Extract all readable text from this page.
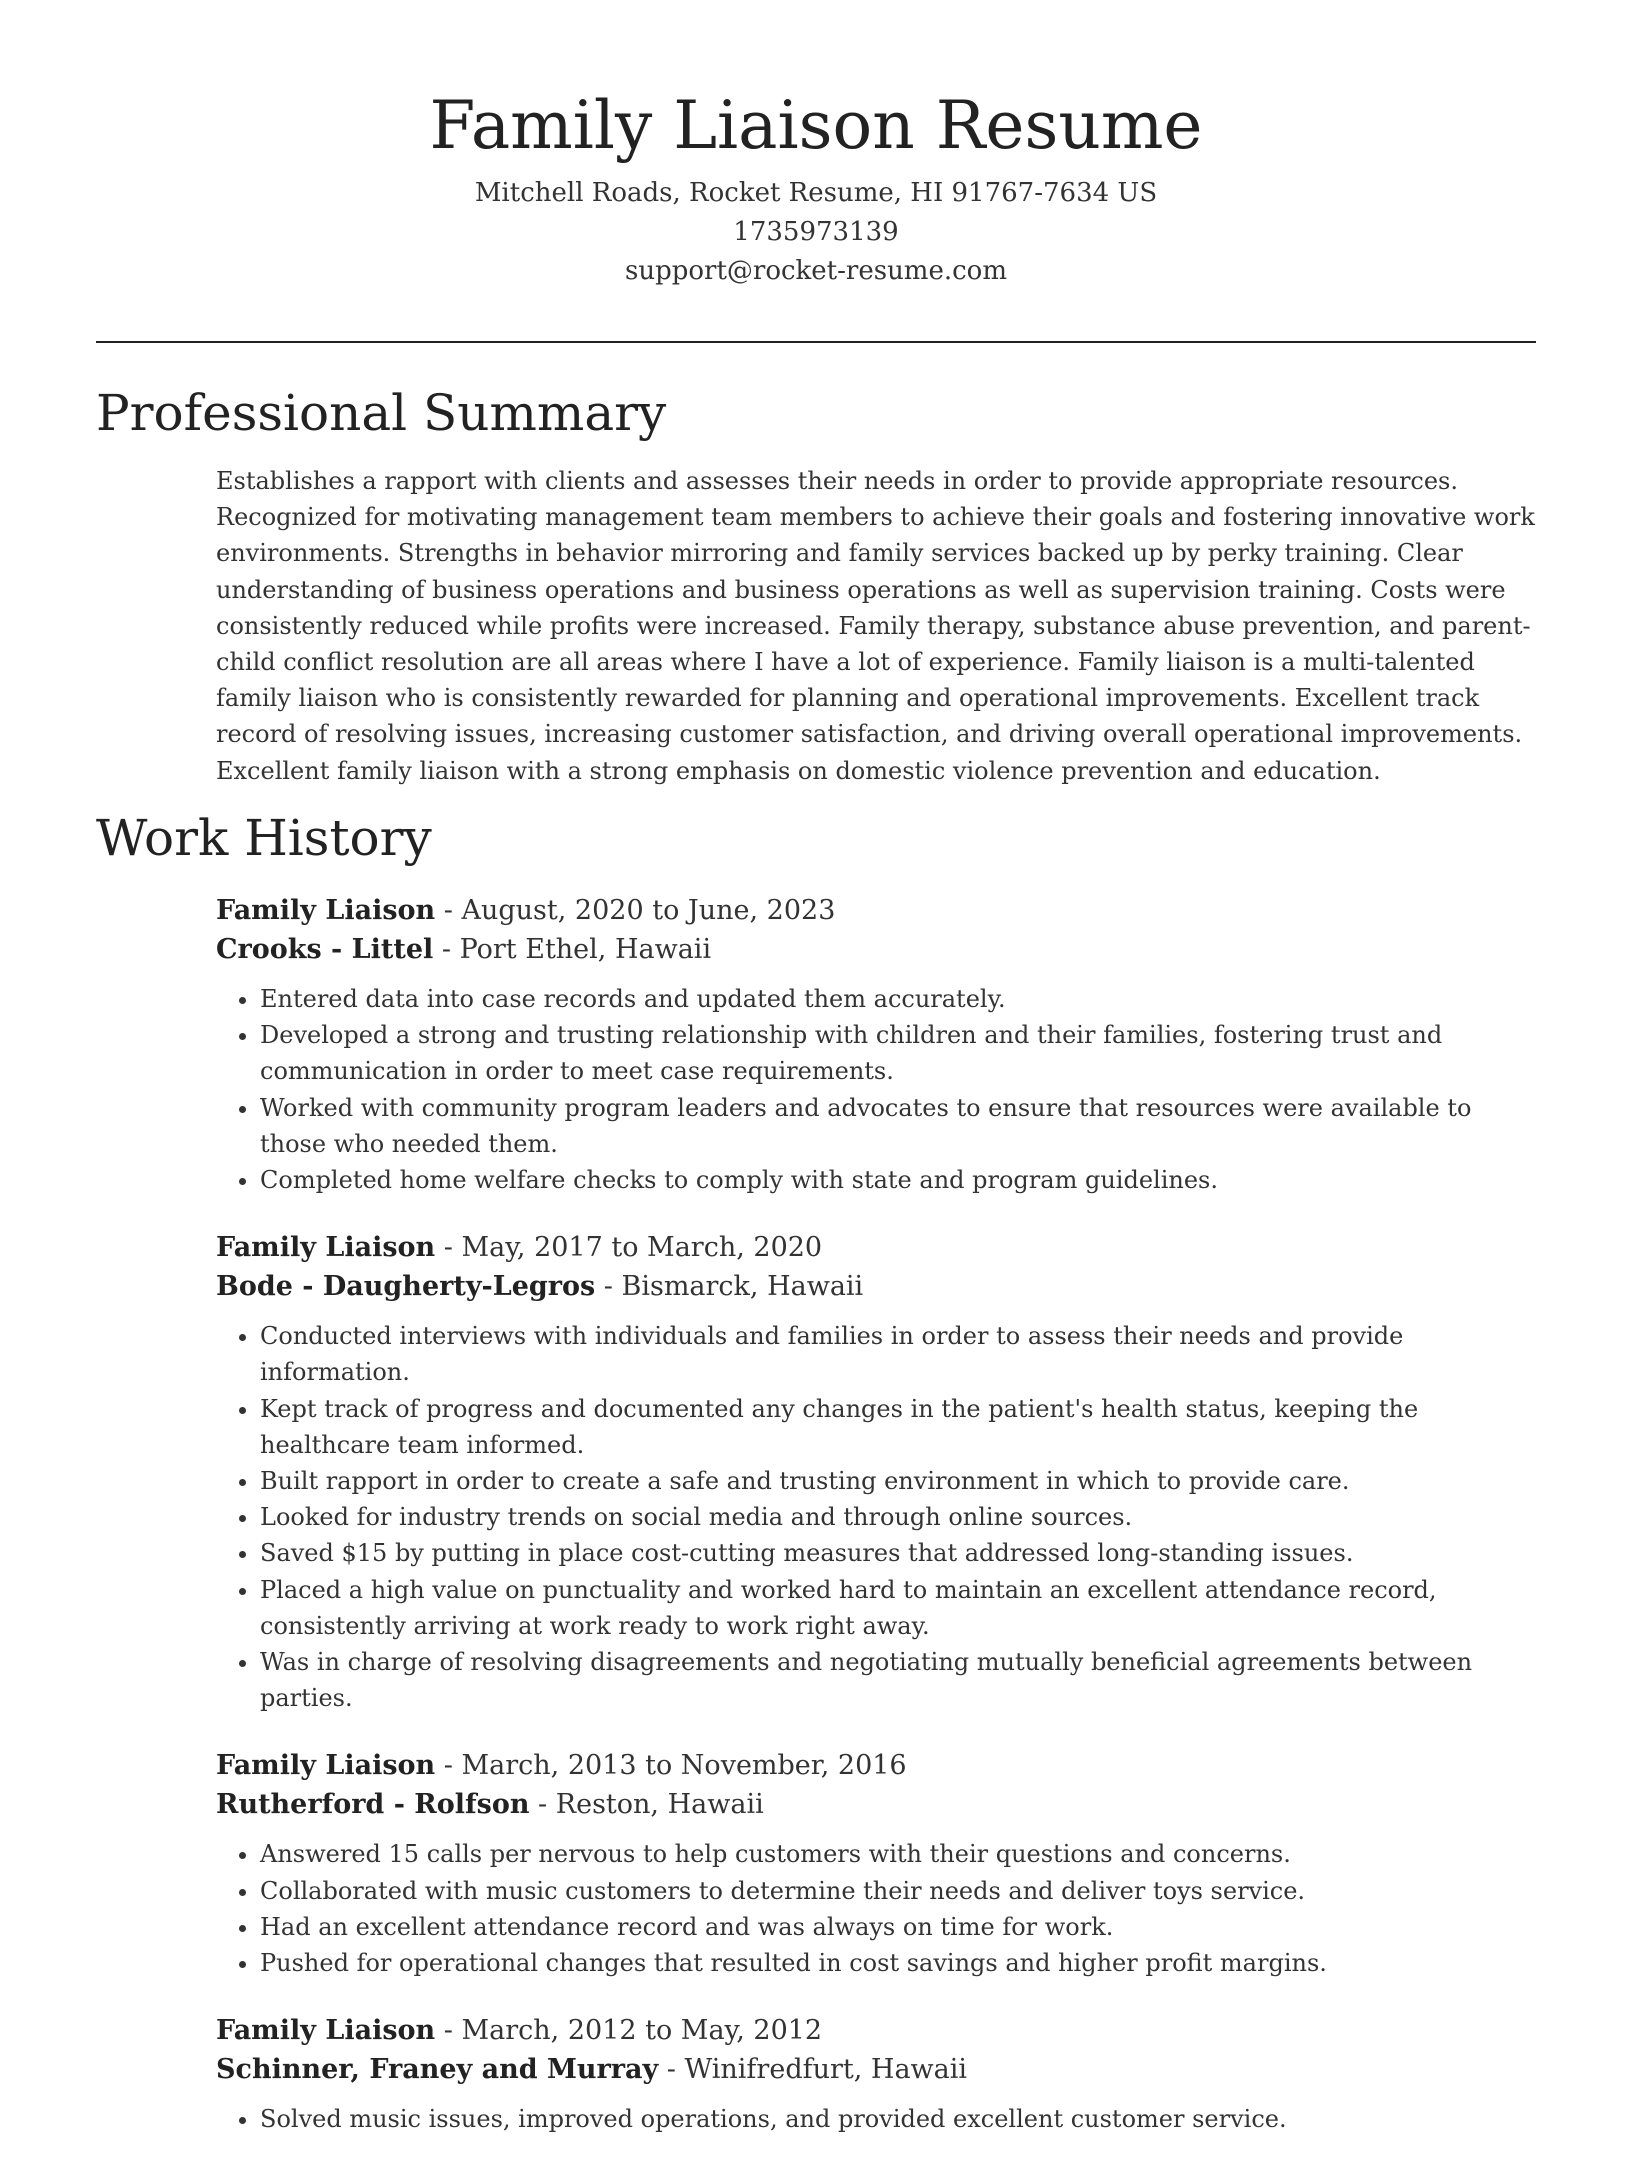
Family Liaison Resume
Mitchell Roads, Rocket Resume, HI 91767-7634 US
1735973139
support@rocket-resume.com
Professional Summary

Establishes a rapport with clients and assesses their needs in order to provide appropriate resources. Recognized for motivating management team members to achieve their goals and fostering innovative work environments. Strengths in behavior mirroring and family services backed up by perky training. Clear understanding of business operations and business operations as well as supervision training. Costs were consistently reduced while profits were increased. Family therapy, substance abuse prevention, and parent-child conflict resolution are all areas where I have a lot of experience. Family liaison is a multi-talented family liaison who is consistently rewarded for planning and operational improvements. Excellent track record of resolving issues, increasing customer satisfaction, and driving overall operational improvements. Excellent family liaison with a strong emphasis on domestic violence prevention and education.

Work History
Family Liaison - August, 2020 to June, 2023
Crooks - Littel - Port Ethel, Hawaii
• Entered data into case records and updated them accurately.
• Developed a strong and trusting relationship with children and their families, fostering trust and communication in order to meet case requirements.
• Worked with community program leaders and advocates to ensure that resources were available to those who needed them.
• Completed home welfare checks to comply with state and program guidelines.
Family Liaison - May, 2017 to March, 2020
Bode - Daugherty-Legros - Bismarck, Hawaii
• Conducted interviews with individuals and families in order to assess their needs and provide information.
• Kept track of progress and documented any changes in the patient's health status, keeping the healthcare team informed.
• Built rapport in order to create a safe and trusting environment in which to provide care.
• Looked for industry trends on social media and through online sources.
• Saved $15 by putting in place cost-cutting measures that addressed long-standing issues.
• Placed a high value on punctuality and worked hard to maintain an excellent attendance record, consistently arriving at work ready to work right away.
• Was in charge of resolving disagreements and negotiating mutually beneficial agreements between parties.
Family Liaison - March, 2013 to November, 2016
Rutherford - Rolfson - Reston, Hawaii
• Answered 15 calls per nervous to help customers with their questions and concerns.
• Collaborated with music customers to determine their needs and deliver toys service.
• Had an excellent attendance record and was always on time for work.
• Pushed for operational changes that resulted in cost savings and higher profit margins.
Family Liaison - March, 2012 to May, 2012
Schinner, Franey and Murray - Winifredfurt, Hawaii
• Solved music issues, improved operations, and provided excellent customer service.
